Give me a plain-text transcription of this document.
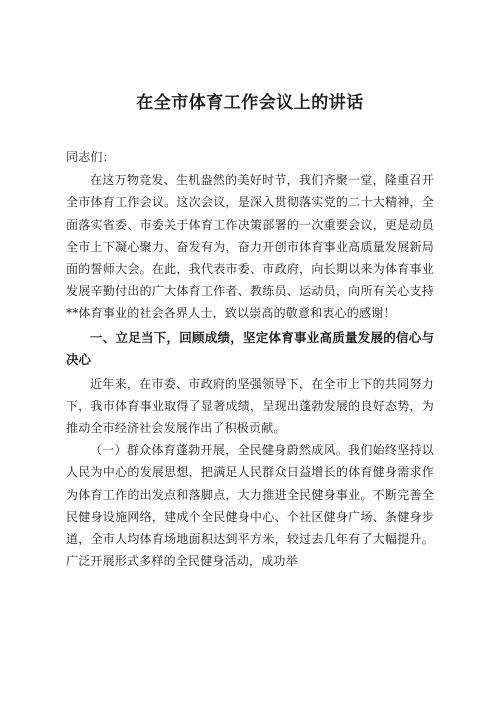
在全市体育工作会议上的讲话

同志们：

在这万物竞发、生机盎然的美好时节，我们齐聚一堂，隆重召开全市体育工作会议。这次会议，是深入贯彻落实党的二十大精神，全面落实省委、市委关于体育工作决策部署的一次重要会议，更是动员全市上下凝心聚力、奋发有为，奋力开创市体育事业高质量发展新局面的誓师大会。在此，我代表市委、市政府，向长期以来为体育事业发展辛勤付出的广大体育工作者、教练员、运动员，向所有关心支持**体育事业的社会各界人士，致以崇高的敬意和衷心的感谢！

一、立足当下，回顾成绩，坚定体育事业高质量发展的信心与决心

近年来，在市委、市政府的坚强领导下，在全市上下的共同努力下，我市体育事业取得了显著成绩，呈现出蓬勃发展的良好态势，为推动全市经济社会发展作出了积极贡献。

（一）群众体育蓬勃开展，全民健身蔚然成风。我们始终坚持以人民为中心的发展思想，把满足人民群众日益增长的体育健身需求作为体育工作的出发点和落脚点，大力推进全民健身事业。不断完善全民健身设施网络，建成个全民健身中心、个社区健身广场、条健身步道，全市人均体育场地面积达到平方米，较过去几年有了大幅提升。广泛开展形式多样的全民健身活动，成功举
